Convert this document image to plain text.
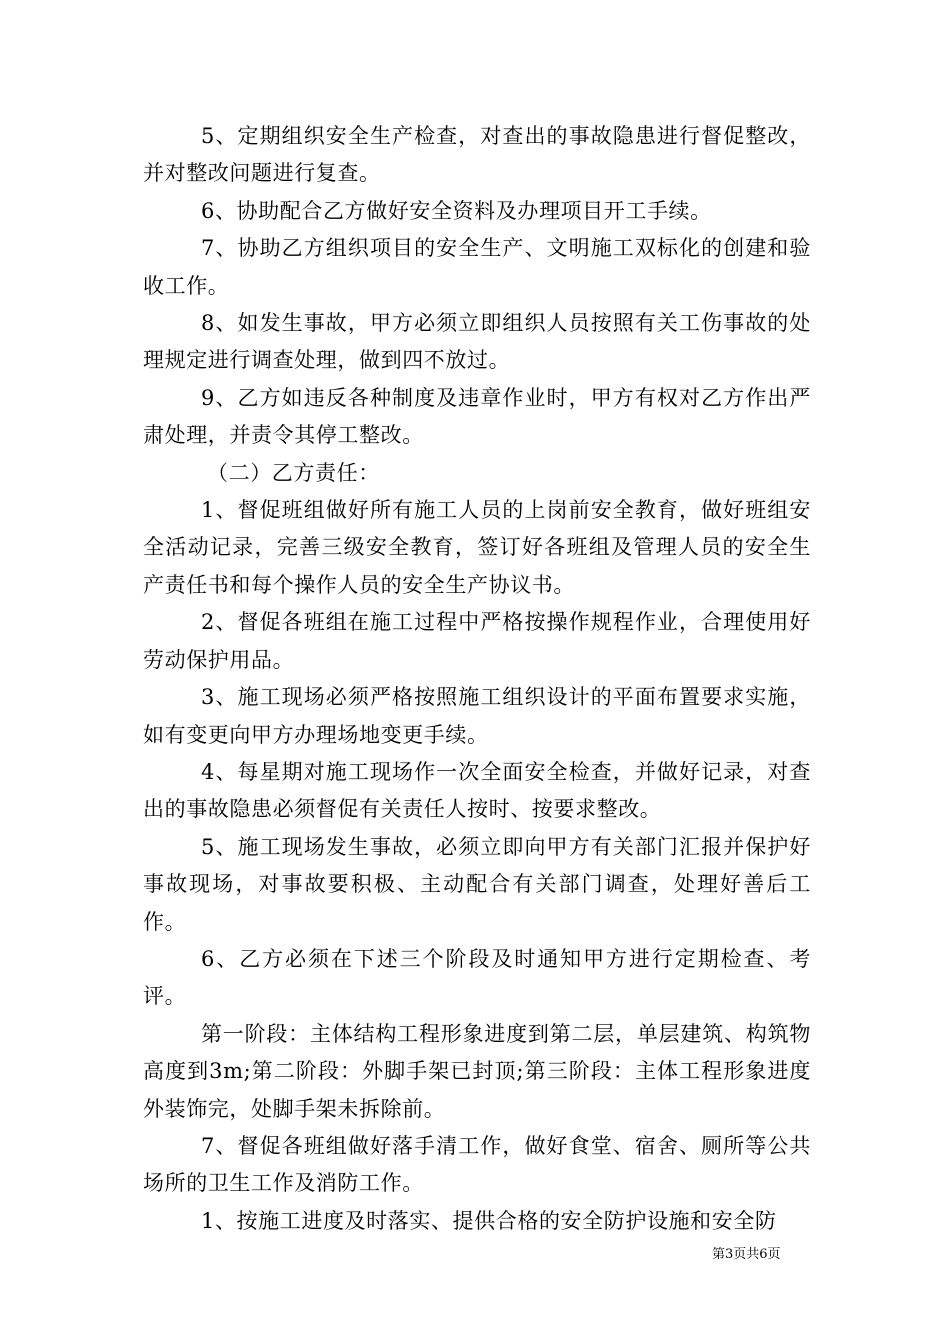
5、定期组织安全生产检查，对查出的事故隐患进行督促整改，并对整改问题进行复查。

6、协助配合乙方做好安全资料及办理项目开工手续。

7、协助乙方组织项目的安全生产、文明施工双标化的创建和验收工作。

8、如发生事故，甲方必须立即组织人员按照有关工伤事故的处理规定进行调查处理，做到四不放过。

9、乙方如违反各种制度及违章作业时，甲方有权对乙方作出严肃处理，并责令其停工整改。

（二）乙方责任：

1、督促班组做好所有施工人员的上岗前安全教育，做好班组安全活动记录，完善三级安全教育，签订好各班组及管理人员的安全生产责任书和每个操作人员的安全生产协议书。

2、督促各班组在施工过程中严格按操作规程作业，合理使用好劳动保护用品。

3、施工现场必须严格按照施工组织设计的平面布置要求实施，如有变更向甲方办理场地变更手续。

4、每星期对施工现场作一次全面安全检查，并做好记录，对查出的事故隐患必须督促有关责任人按时、按要求整改。

5、施工现场发生事故，必须立即向甲方有关部门汇报并保护好事故现场，对事故要积极、主动配合有关部门调查，处理好善后工作。

6、乙方必须在下述三个阶段及时通知甲方进行定期检查、考评。

第一阶段：主体结构工程形象进度到第二层，单层建筑、构筑物高度到3m;第二阶段：外脚手架已封顶;第三阶段：主体工程形象进度外装饰完，处脚手架未拆除前。

7、督促各班组做好落手清工作，做好食堂、宿舍、厕所等公共场所的卫生工作及消防工作。

1、按施工进度及时落实、提供合格的安全防护设施和安全防

第3页共6页
